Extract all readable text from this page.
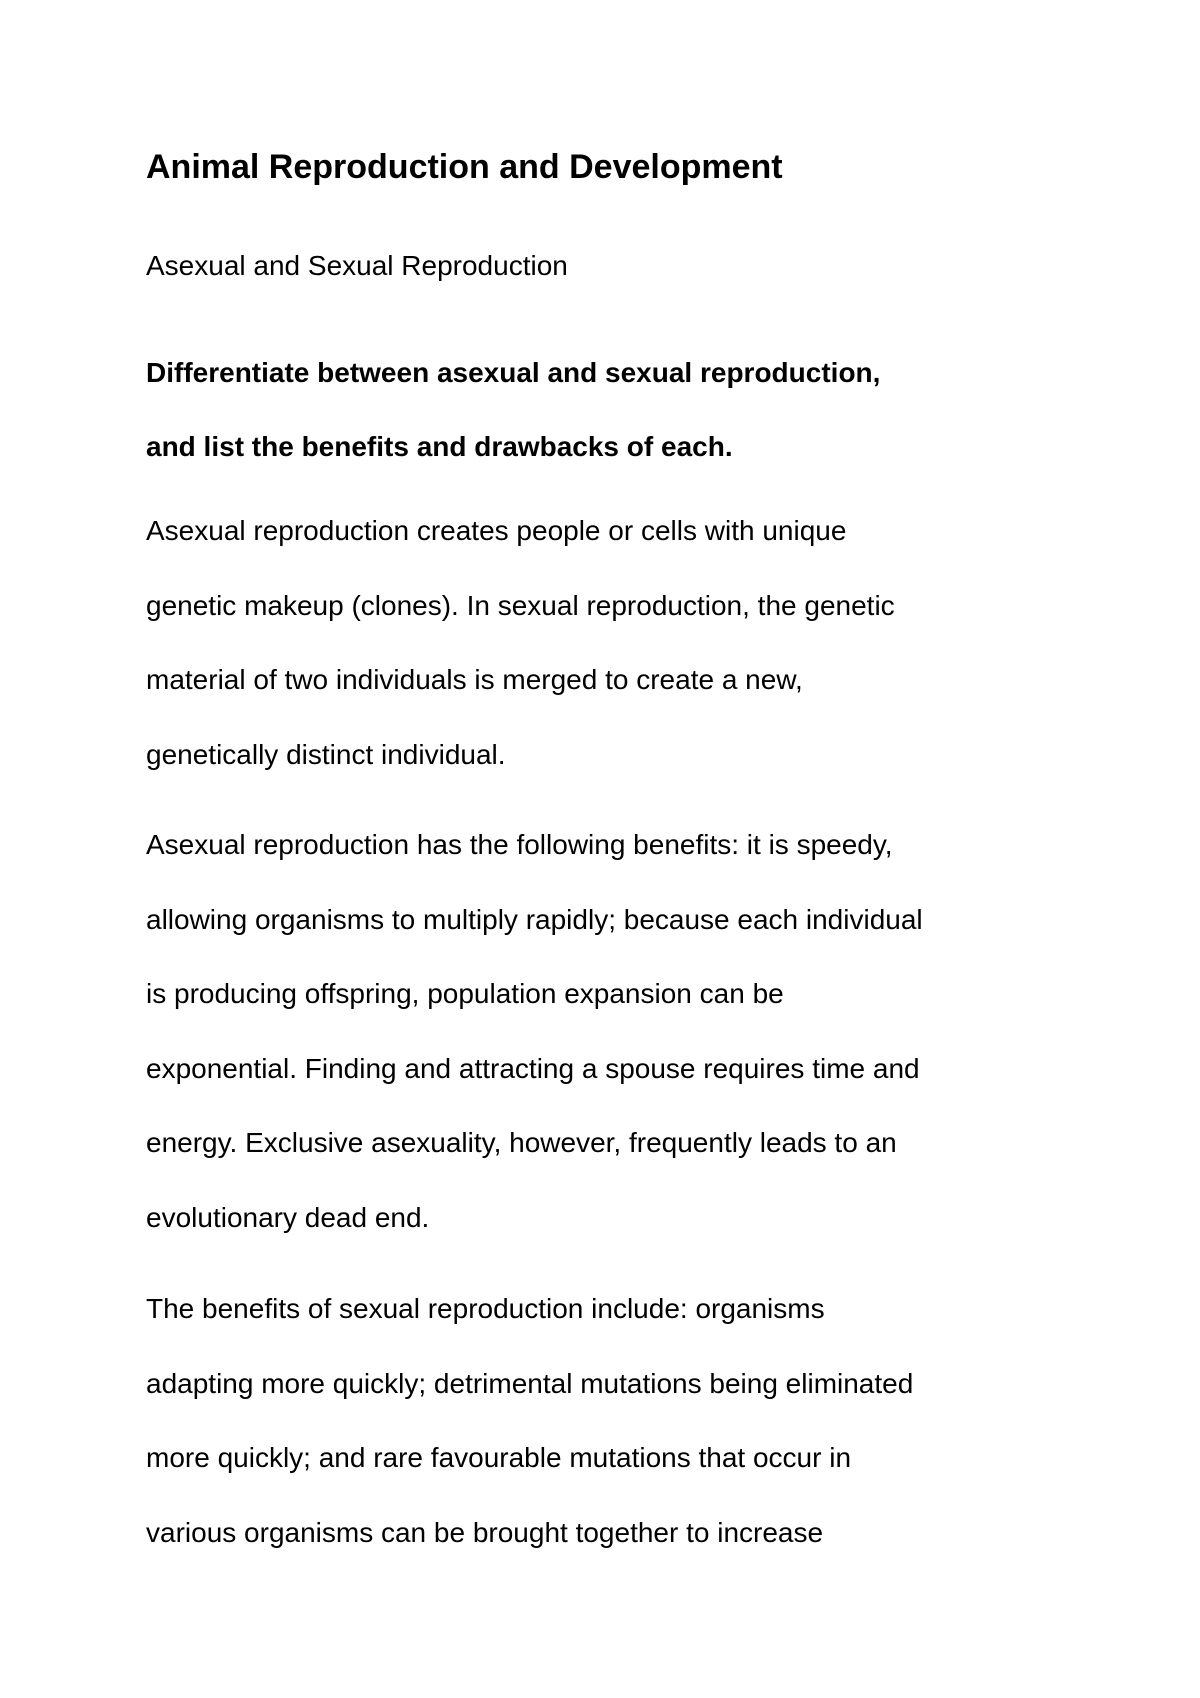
Animal Reproduction and Development
Asexual and Sexual Reproduction

Differentiate between asexual and sexual reproduction,
and list the benefits and drawbacks of each.

Asexual reproduction creates people or cells with unique
genetic makeup (clones). In sexual reproduction, the genetic
material of two individuals is merged to create a new,
genetically distinct individual.

Asexual reproduction has the following benefits: it is speedy,
allowing organisms to multiply rapidly; because each individual
is producing offspring, population expansion can be
exponential. Finding and attracting a spouse requires time and
energy. Exclusive asexuality, however, frequently leads to an
evolutionary dead end.

The benefits of sexual reproduction include: organisms
adapting more quickly; detrimental mutations being eliminated
more quickly; and rare favourable mutations that occur in
various organisms can be brought together to increase
